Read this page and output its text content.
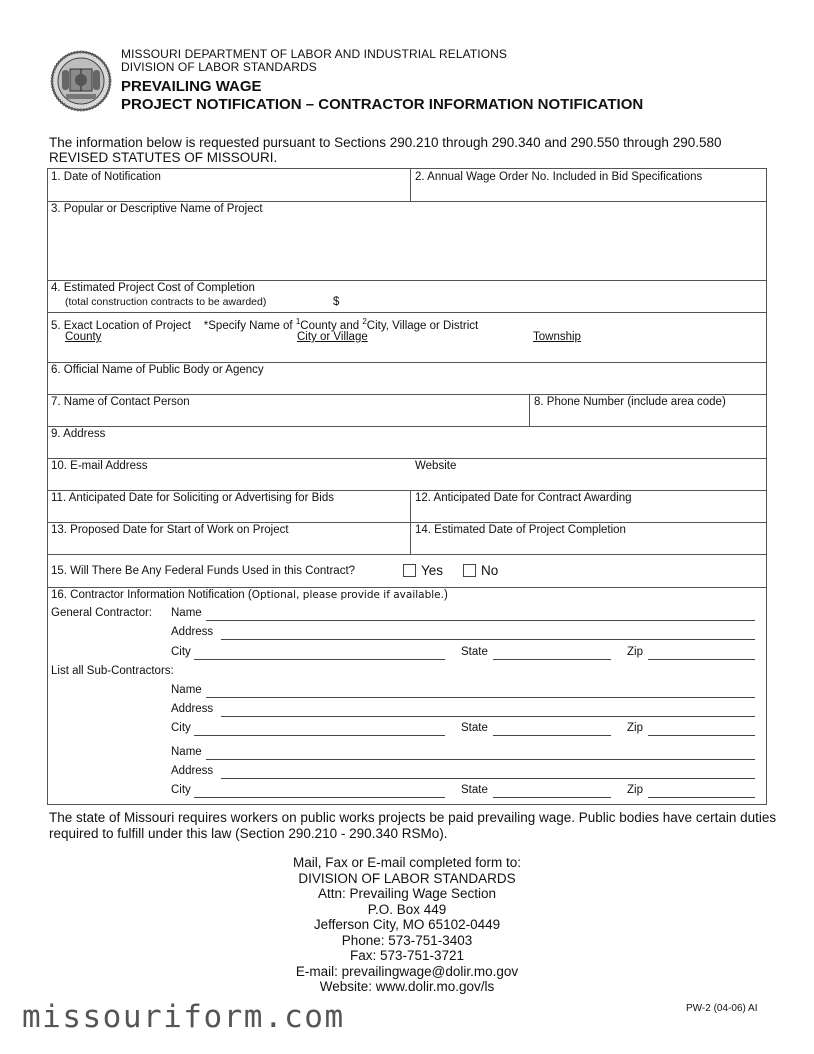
MISSOURI DEPARTMENT OF LABOR AND INDUSTRIAL RELATIONS
DIVISION OF LABOR STANDARDS
PREVAILING WAGE
PROJECT NOTIFICATION – CONTRACTOR INFORMATION NOTIFICATION
The information below is requested pursuant to Sections 290.210 through 290.340 and 290.550 through 290.580
REVISED STATUTES OF MISSOURI.
1. Date of Notification	2. Annual Wage Order No. Included in Bid Specifications
3. Popular or Descriptive Name of Project
4. Estimated Project Cost of Completion
(total construction contracts to be awarded)	$
5. Exact Location of Project *Specify Name of $^1$County and $^2$City, Village or District
County	City or Village	Township
6. Official Name of Public Body or Agency
7. Name of Contact Person	8. Phone Number (include area code)
9. Address
10. E-mail Address	Website
11. Anticipated Date for Soliciting or Advertising for Bids	12. Anticipated Date for Contract Awarding
13. Proposed Date for Start of Work on Project	14. Estimated Date of Project Completion
15. Will There Be Any Federal Funds Used in this Contract?	Yes	No
16. Contractor Information Notification (Optional, please provide if available.)
General Contractor: Name
Address
City	State	Zip
List all Sub-Contractors:
Name
Address
City	State	Zip
Name
Address
City	State	Zip
The state of Missouri requires workers on public works projects be paid prevailing wage. Public bodies have certain duties required to fulfill under this law (Section 290.210 - 290.340 RSMo).
Mail, Fax or E-mail completed form to:
DIVISION OF LABOR STANDARDS
Attn: Prevailing Wage Section
P.O. Box 449
Jefferson City, MO 65102-0449
Phone: 573-751-3403
Fax: 573-751-3721
E-mail: prevailingwage@dolir.mo.gov
Website: www.dolir.mo.gov/ls
PW-2 (04-06) AI
missouriform.com
